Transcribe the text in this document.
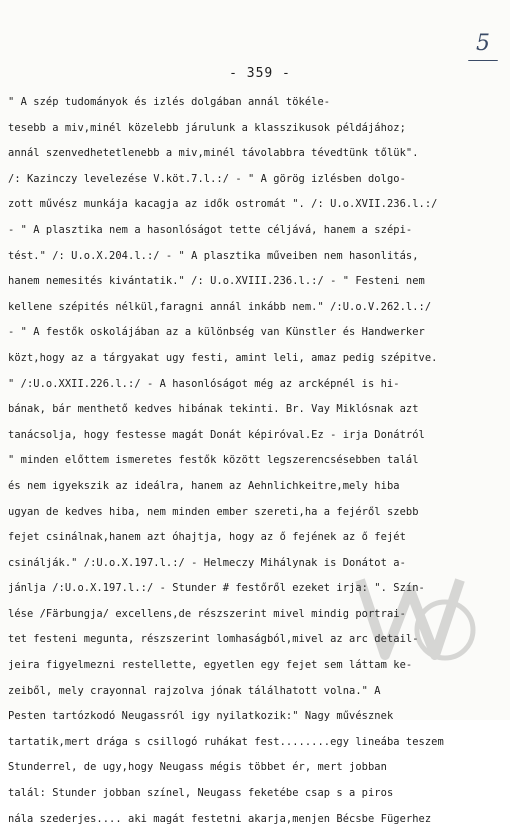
5
- 359 -
" A szép tudományok és izlés dolgában annál tökéle-
tesebb a miv,minél közelebb járulunk a klasszikusok példájához;
annál szenvedhetetlenebb a miv,minél távolabbra tévedtünk tőlük".
/: Kazinczy levelezése V.köt.7.l.:/ - " A görög izlésben dolgo-
zott művész munkája kacagja az idők ostromát ". /: U.o.XVII.236.l.:/
- " A plasztika nem a hasonlóságot tette céljává, hanem a szépi-
tést." /: U.o.X.204.l.:/ - " A plasztika műveiben nem hasonlitás,
hanem nemesités kivántatik." /: U.o.XVIII.236.l.:/ - " Festeni nem
kellene szépités nélkül,faragni annál inkább nem." /:U.o.V.262.l.:/
- " A festők oskolájában az a különbség van Künstler és Handwerker
közt,hogy az a tárgyakat ugy festi, amint leli, amaz pedig szépitve.
" /:U.o.XXII.226.l.:/ - A hasonlóságot még az arcképnél is hi-
bának, bár menthető kedves hibának tekinti. Br. Vay Miklósnak azt
tanácsolja, hogy festesse magát Donát képiróval.Ez - irja Donátról
" minden előttem ismeretes festők között legszerencsésebben talál
és nem igyekszik az ideálra, hanem az Aehnlichkeitre,mely hiba
ugyan de kedves hiba, nem minden ember szereti,ha a fejéről szebb
fejet csinálnak,hanem azt óhajtja, hogy az ő fejének az ő fejét
csinálják." /:U.o.X.197.l.:/ - Helmeczy Mihálynak is Donátot a-
jánlja /:U.o.X.197.l.:/ - Stunder # festőről ezeket irja: ". Szín-
lése /Färbungja/ excellens,de részszerint mivel mindig portrai-
tet festeni megunta, részszerint lomhaságból,mivel az arc detail-
jeira figyelmezni restellette, egyetlen egy fejet sem láttam ke-
zeiből, mely crayonnal rajzolva jónak tálálhatott volna." A
Pesten tartózkodó Neugassról igy nyilatkozik:" Nagy művésznek
tartatik,mert drága s csillogó ruhákat fest........egy lineába teszem
Stunderrel, de ugy,hogy Neugass mégis többet ér, mert jobban
talál: Stunder jobban színel, Neugass feketébe csap s a piros
nála szederjes.... aki magát festetni akarja,menjen Bécsbe Fügerhez
